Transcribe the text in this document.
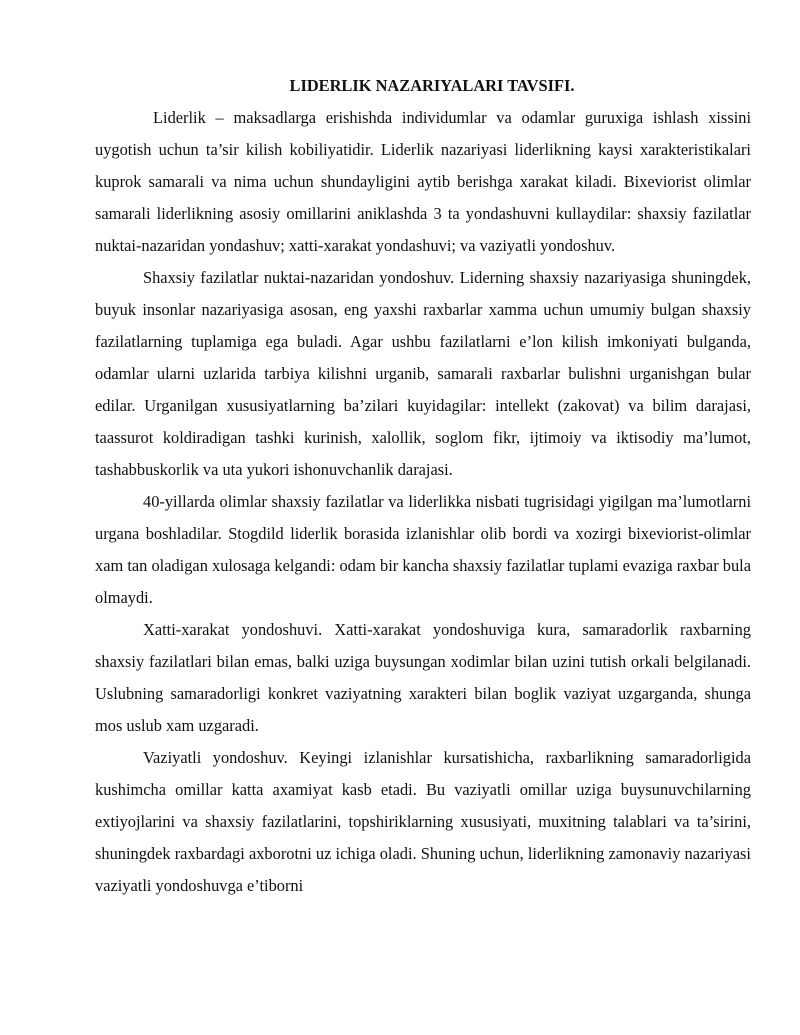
LIDERLIK NAZARIYALARI TAVSIFI.

Liderlik – maksadlarga erishishda individumlar va odamlar guruxiga ishlash xissini uygotish uchun ta’sir kilish kobiliyatidir. Liderlik nazariyasi liderlikning kaysi xarakteristikalari kuprok samarali va nima uchun shundayligini aytib berishga xarakat kiladi. Bixeviorist olimlar samarali liderlikning asosiy omillarini aniklashda 3 ta yondashuvni kullaydilar: shaxsiy fazilatlar nuktai-nazaridan yondashuv; xatti-xarakat yondashuvi; va vaziyatli yondoshuv.

Shaxsiy fazilatlar nuktai-nazaridan yondoshuv. Liderning shaxsiy nazariyasiga shuningdek, buyuk insonlar nazariyasiga asosan, eng yaxshi raxbarlar xamma uchun umumiy bulgan shaxsiy fazilatlarning tuplamiga ega buladi. Agar ushbu fazilatlarni e’lon kilish imkoniyati bulganda, odamlar ularni uzlarida tarbiya kilishni urganib, samarali raxbarlar bulishni urganishgan bular edilar. Urganilgan xususiyatlarning ba’zilari kuyidagilar: intellekt (zakovat) va bilim darajasi, taassurot koldiradigan tashki kurinish, xalollik, soglom fikr, ijtimoiy va iktisodiy ma’lumot, tashabbuskorlik va uta yukori ishonuvchanlik darajasi.

40-yillarda olimlar shaxsiy fazilatlar va liderlikka nisbati tugrisidagi yigilgan ma’lumotlarni urgana boshladilar. Stogdild liderlik borasida izlanishlar olib bordi va xozirgi bixeviorist-olimlar xam tan oladigan xulosaga kelgandi: odam bir kancha shaxsiy fazilatlar tuplami evaziga raxbar bula olmaydi.

Xatti-xarakat yondoshuvi. Xatti-xarakat yondoshuviga kura, samaradorlik raxbarning shaxsiy fazilatlari bilan emas, balki uziga buysungan xodimlar bilan uzini tutish orkali belgilanadi. Uslubning samaradorligi konkret vaziyatning xarakteri bilan boglik vaziyat uzgarganda, shunga mos uslub xam uzgaradi.

Vaziyatli yondoshuv. Keyingi izlanishlar kursatishicha, raxbarlikning samaradorligida kushimcha omillar katta axamiyat kasb etadi. Bu vaziyatli omillar uziga buysunuvchilarning extiyojlarini va shaxsiy fazilatlarini, topshiriklarning xususiyati, muxitning talablari va ta’sirini, shuningdek raxbardagi axborotni uz ichiga oladi. Shuning uchun, liderlikning zamonaviy nazariyasi vaziyatli yondoshuvga e’tiborni
